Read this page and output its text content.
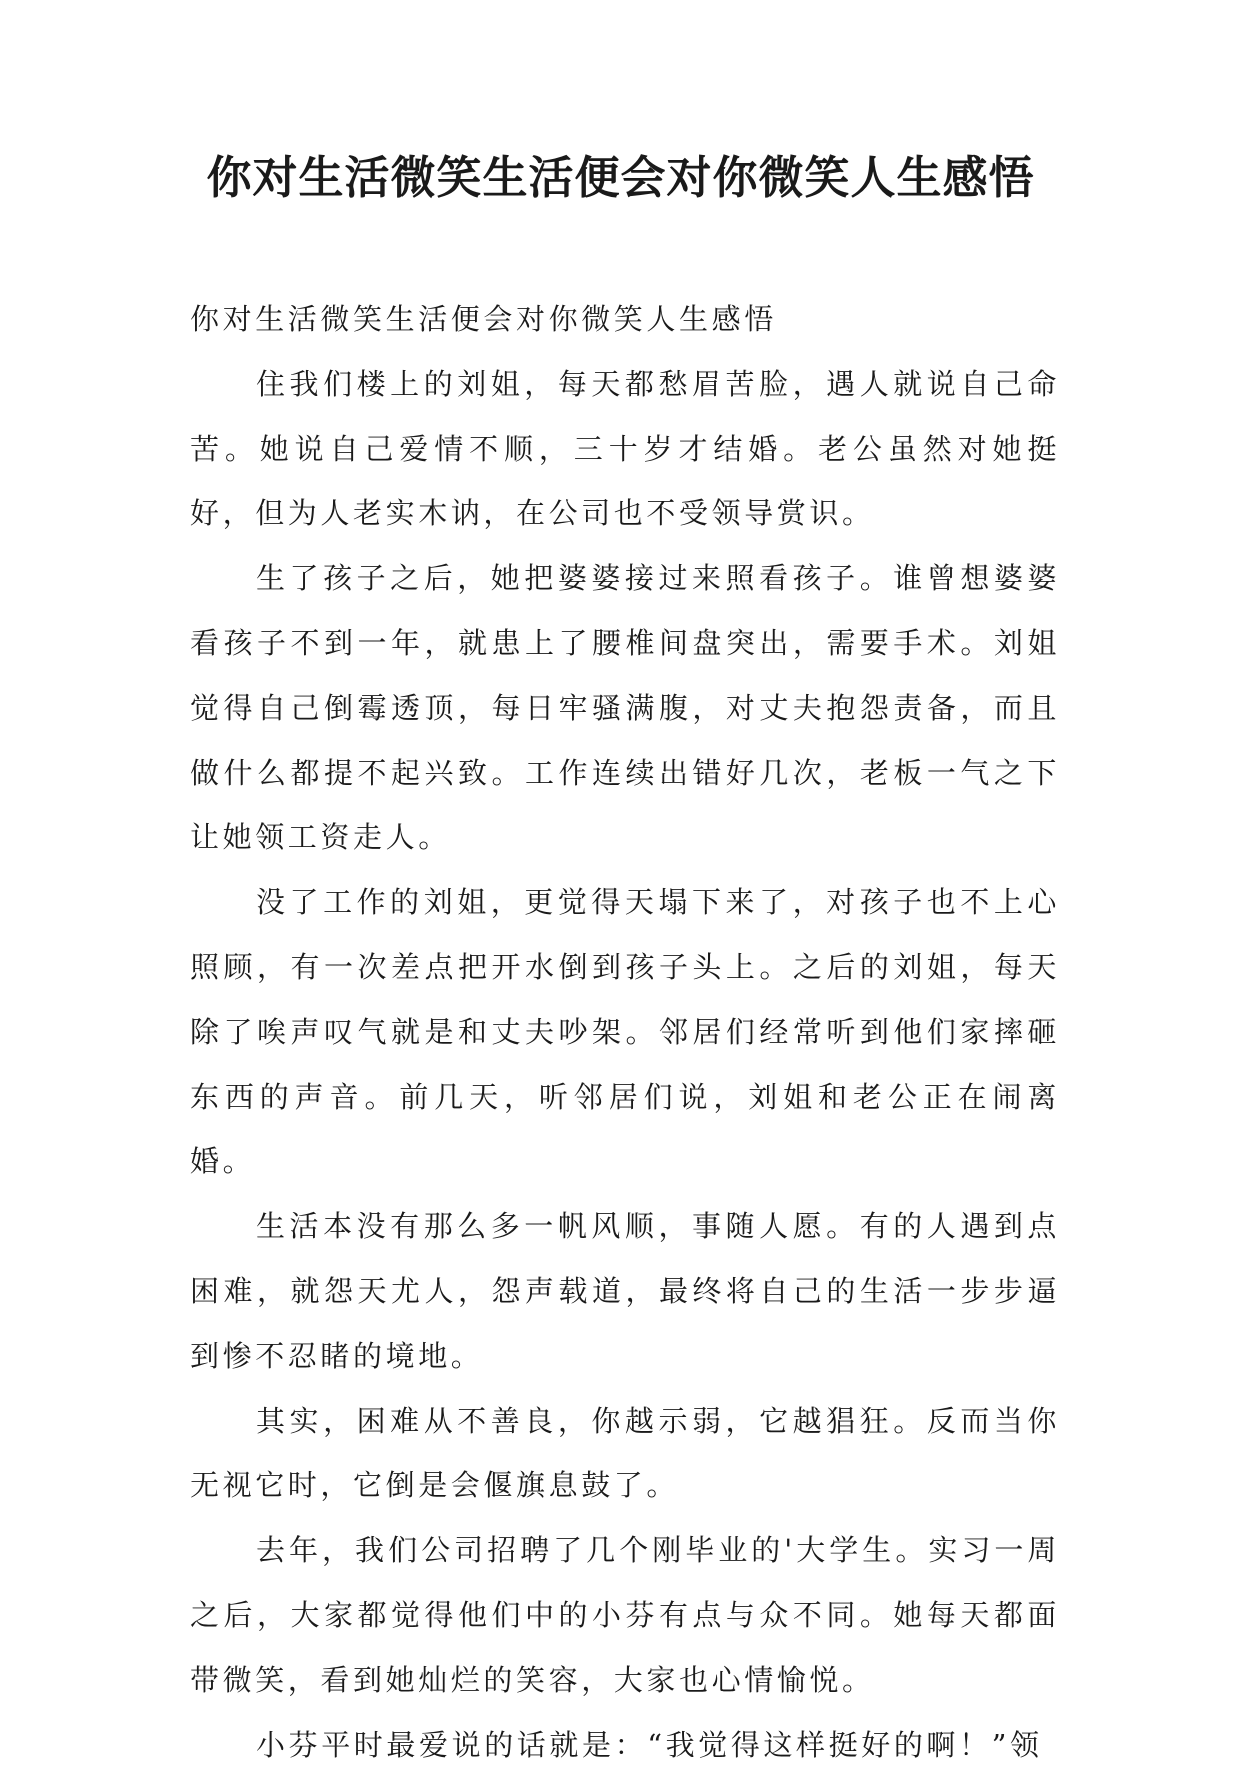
你对生活微笑生活便会对你微笑人生感悟

你对生活微笑生活便会对你微笑人生感悟

住我们楼上的刘姐，每天都愁眉苦脸，遇人就说自己命苦。她说自己爱情不顺，三十岁才结婚。老公虽然对她挺好，但为人老实木讷，在公司也不受领导赏识。

生了孩子之后，她把婆婆接过来照看孩子。谁曾想婆婆看孩子不到一年，就患上了腰椎间盘突出，需要手术。刘姐觉得自己倒霉透顶，每日牢骚满腹，对丈夫抱怨责备，而且做什么都提不起兴致。工作连续出错好几次，老板一气之下让她领工资走人。

没了工作的刘姐，更觉得天塌下来了，对孩子也不上心照顾，有一次差点把开水倒到孩子头上。之后的刘姐，每天除了唉声叹气就是和丈夫吵架。邻居们经常听到他们家摔砸东西的声音。前几天，听邻居们说，刘姐和老公正在闹离婚。

生活本没有那么多一帆风顺，事随人愿。有的人遇到点困难，就怨天尤人，怨声载道，最终将自己的生活一步步逼到惨不忍睹的境地。

其实，困难从不善良，你越示弱，它越猖狂。反而当你无视它时，它倒是会偃旗息鼓了。

去年，我们公司招聘了几个刚毕业的'大学生。实习一周之后，大家都觉得他们中的小芬有点与众不同。她每天都面带微笑，看到她灿烂的笑容，大家也心情愉悦。

小芬平时最爱说的话就是：“我觉得这样挺好的啊！”领
